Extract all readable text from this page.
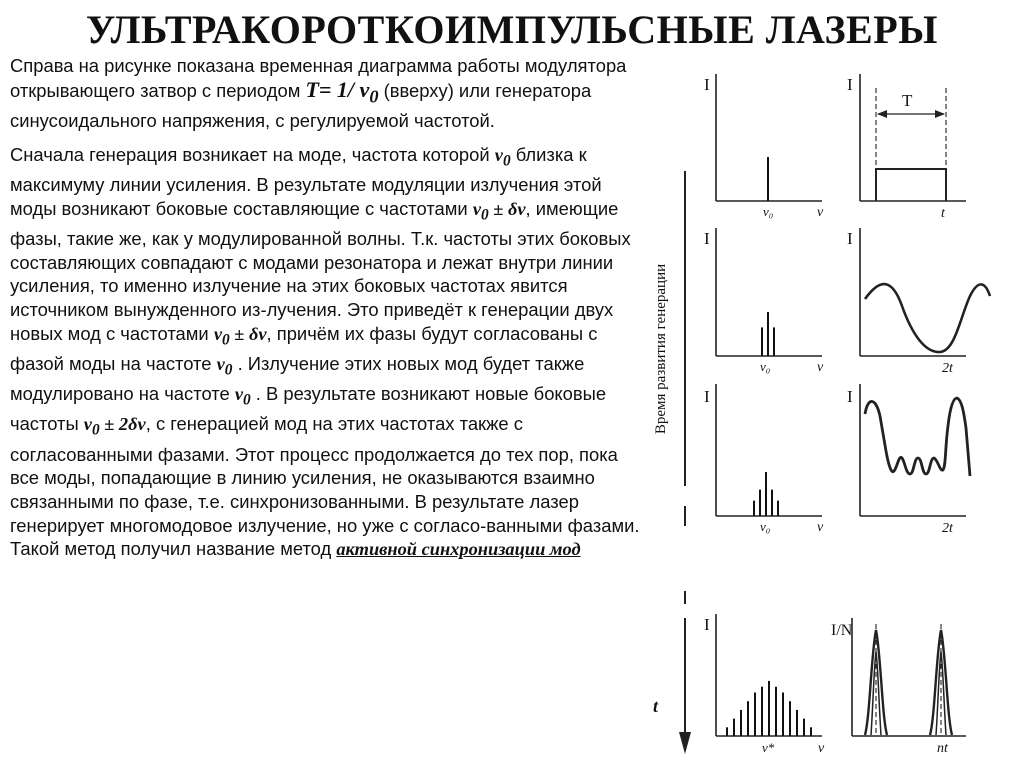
УЛЬТРАКОРОТКОИМПУЛЬСНЫЕ ЛАЗЕРЫ

Справа на рисунке показана временная диаграмма работы модулятора открывающего затвор с периодом T= 1/ $\nu_0$ (вверху) или генератора синусоидального напряжения, с регулируемой частотой.

Сначала генерация возникает на моде, частота которой $\nu_0$ близка к максимуму линии усиления. В результате модуляции излучения этой моды возникают боковые составляющие с частотами $\nu_0 \pm \delta\nu$, имеющие фазы, такие же, как у модулированной волны. Т.к. частоты этих боковых составляющих совпадают с модами резонатора и лежат внутри линии усиления, то именно излучение на этих боковых частотах явится источником вынужденного из-лучения. Это приведёт к генерации двух новых мод с частотами $\nu_0 \pm \delta\nu$, причём их фазы будут согласованы с фазой моды на частоте $\nu_0$ . Излучение этих новых мод будет также модулировано на частоте $\nu_0$ . В результате возникают новые боковые частоты $\nu_0 \pm 2\delta\nu$, с генерацией мод на этих частотах также с согласованными фазами. Этот процесс продолжается до тех пор, пока все моды, попадающие в линию усиления, не оказываются взаимно связанными по фазе, т.е. синхронизованными. В результате лазер генерирует многомодовое излучение, но уже с согласо-ванными фазами. Такой метод получил название метод активной синхронизации мод

Время развития генерации
t
I
ν₀	ν
I
t
T
I
ν₀	ν
I
2t
I
ν₀	ν
I
2t
I
ν*	ν
I/N
nt
